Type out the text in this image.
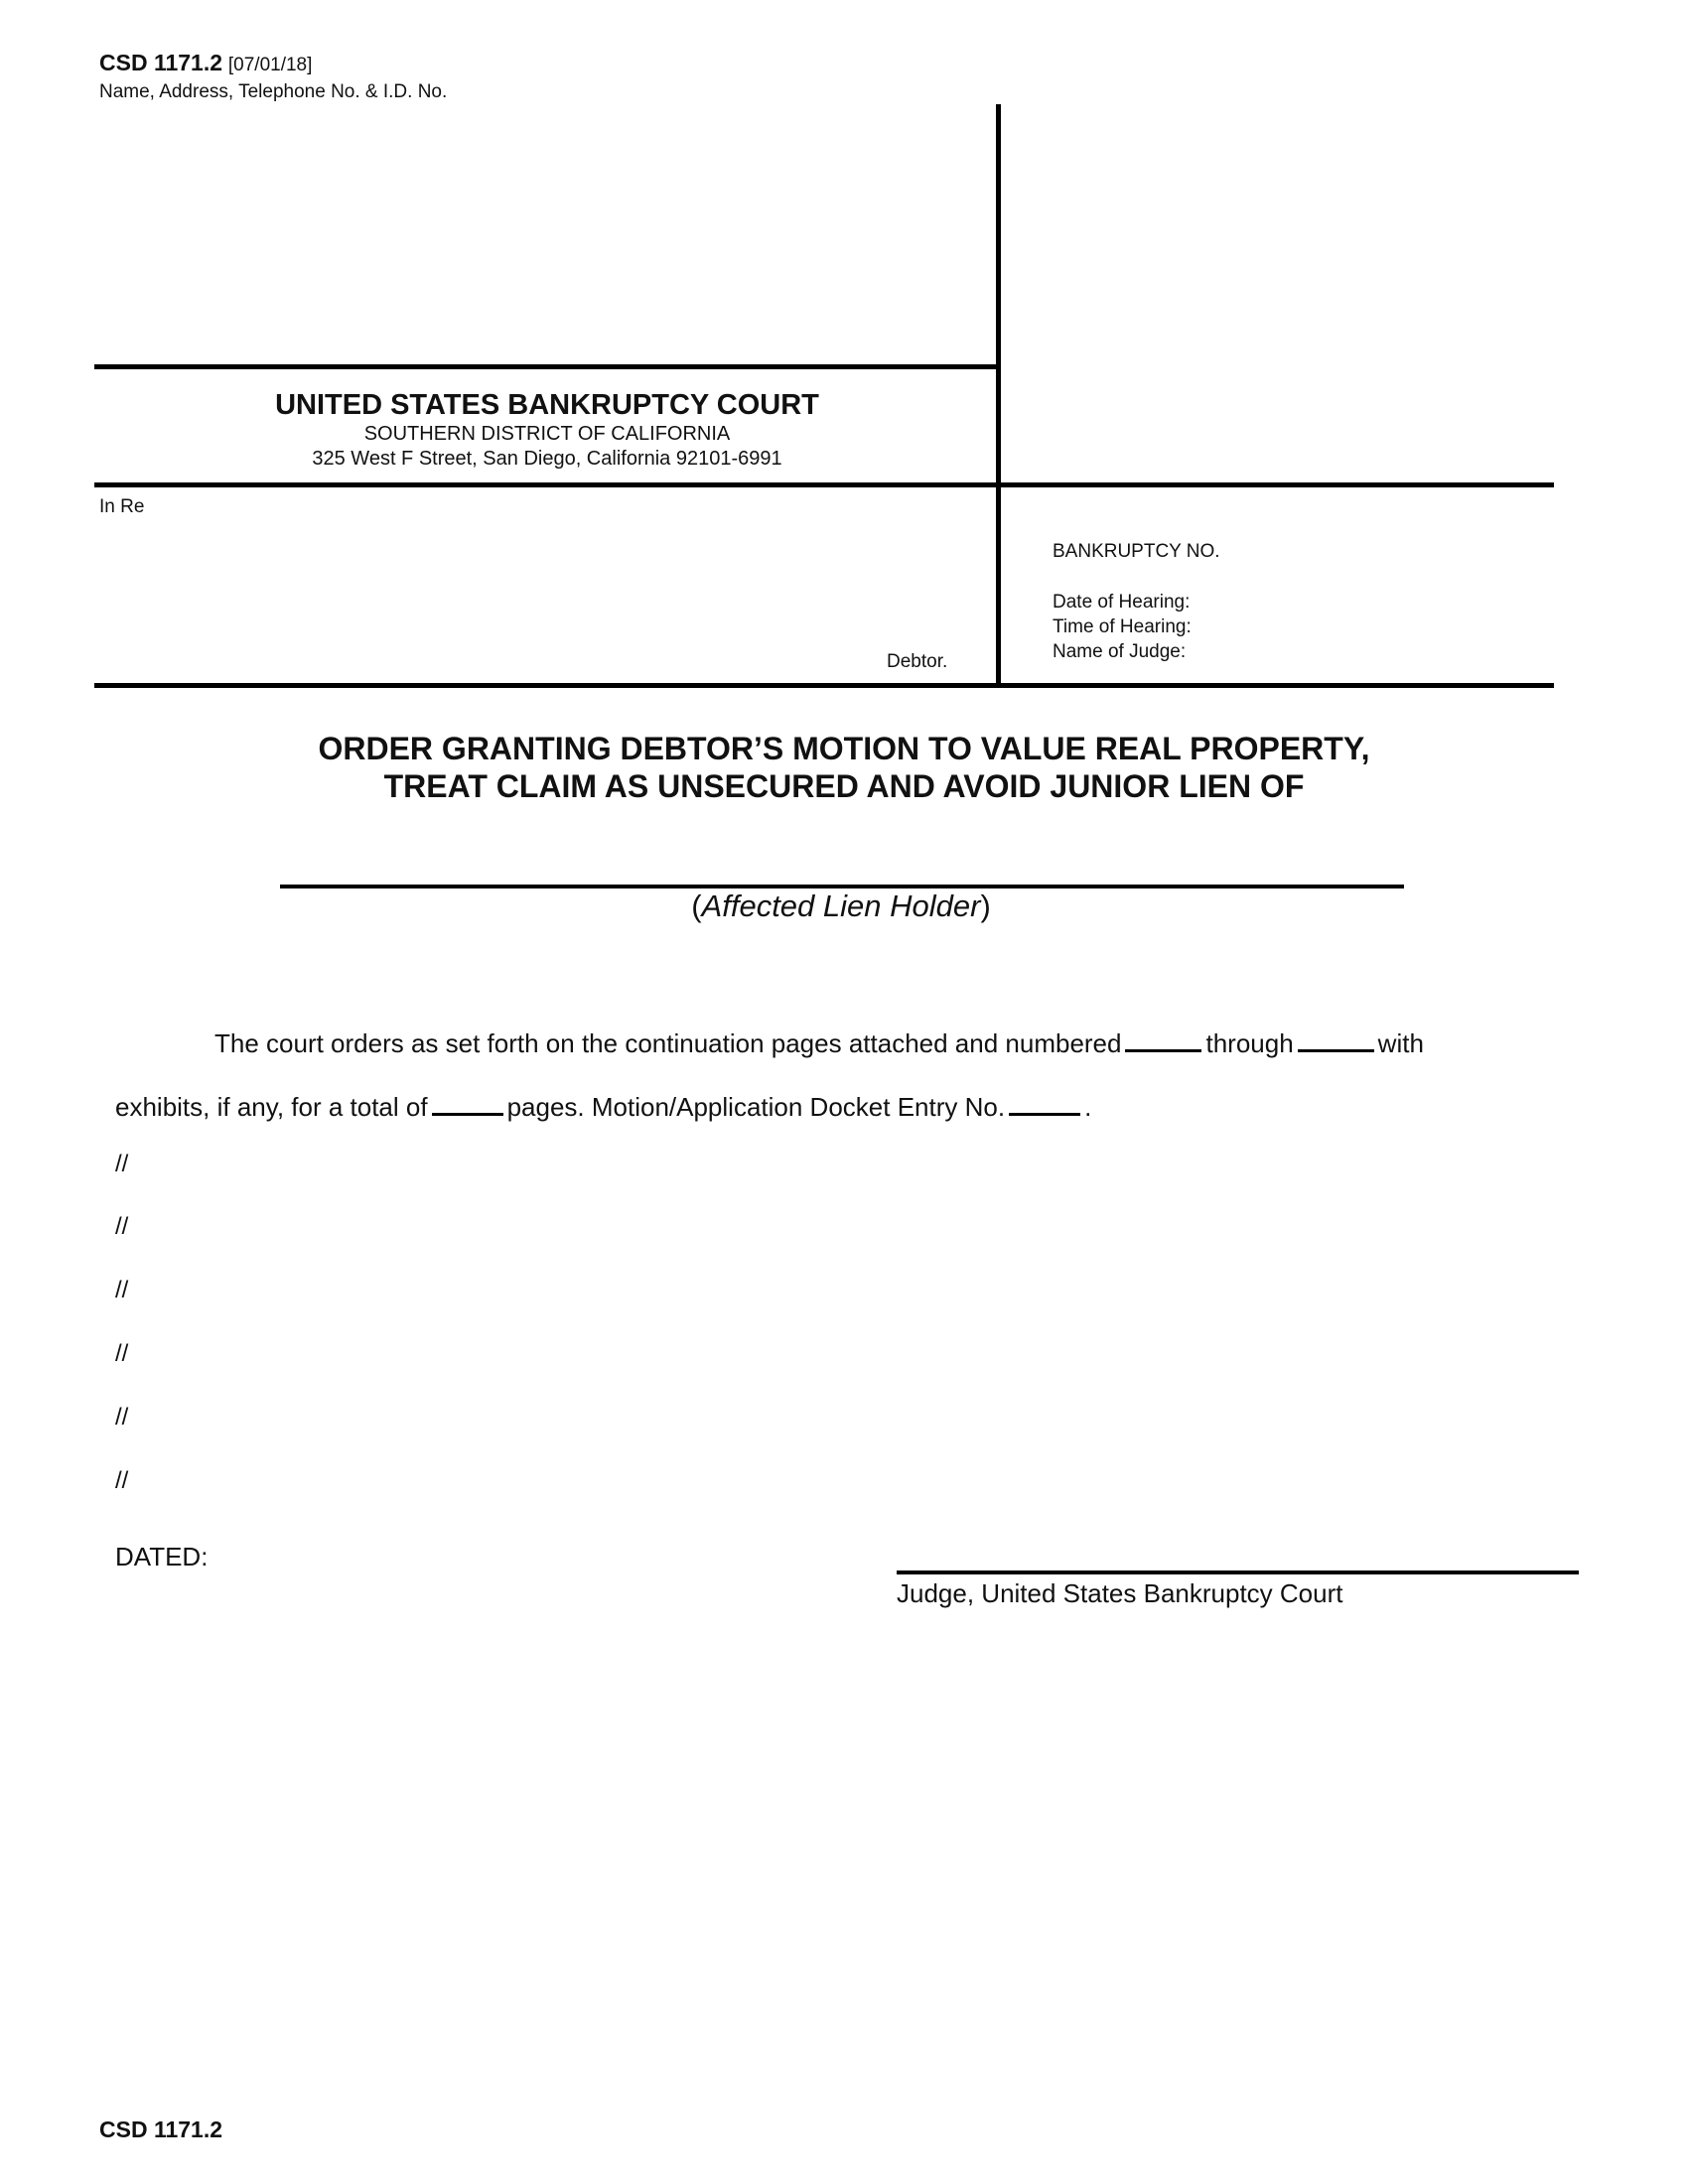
CSD 1171.2 [07/01/18]
Name, Address, Telephone No. & I.D. No.
UNITED STATES BANKRUPTCY COURT
SOUTHERN DISTRICT OF CALIFORNIA
325 West F Street, San Diego, California 92101-6991
In Re
Debtor.
BANKRUPTCY NO.
Date of Hearing:
Time of Hearing:
Name of Judge:
ORDER GRANTING DEBTOR’S MOTION TO VALUE REAL PROPERTY,
TREAT CLAIM AS UNSECURED AND AVOID JUNIOR LIEN OF
(Affected Lien Holder)
The court orders as set forth on the continuation pages attached and numbered	through	with
exhibits, if any, for a total of	pages. Motion/Application Docket Entry No.	.
//
//
//
//
//
//
DATED:
Judge, United States Bankruptcy Court
CSD 1171.2
